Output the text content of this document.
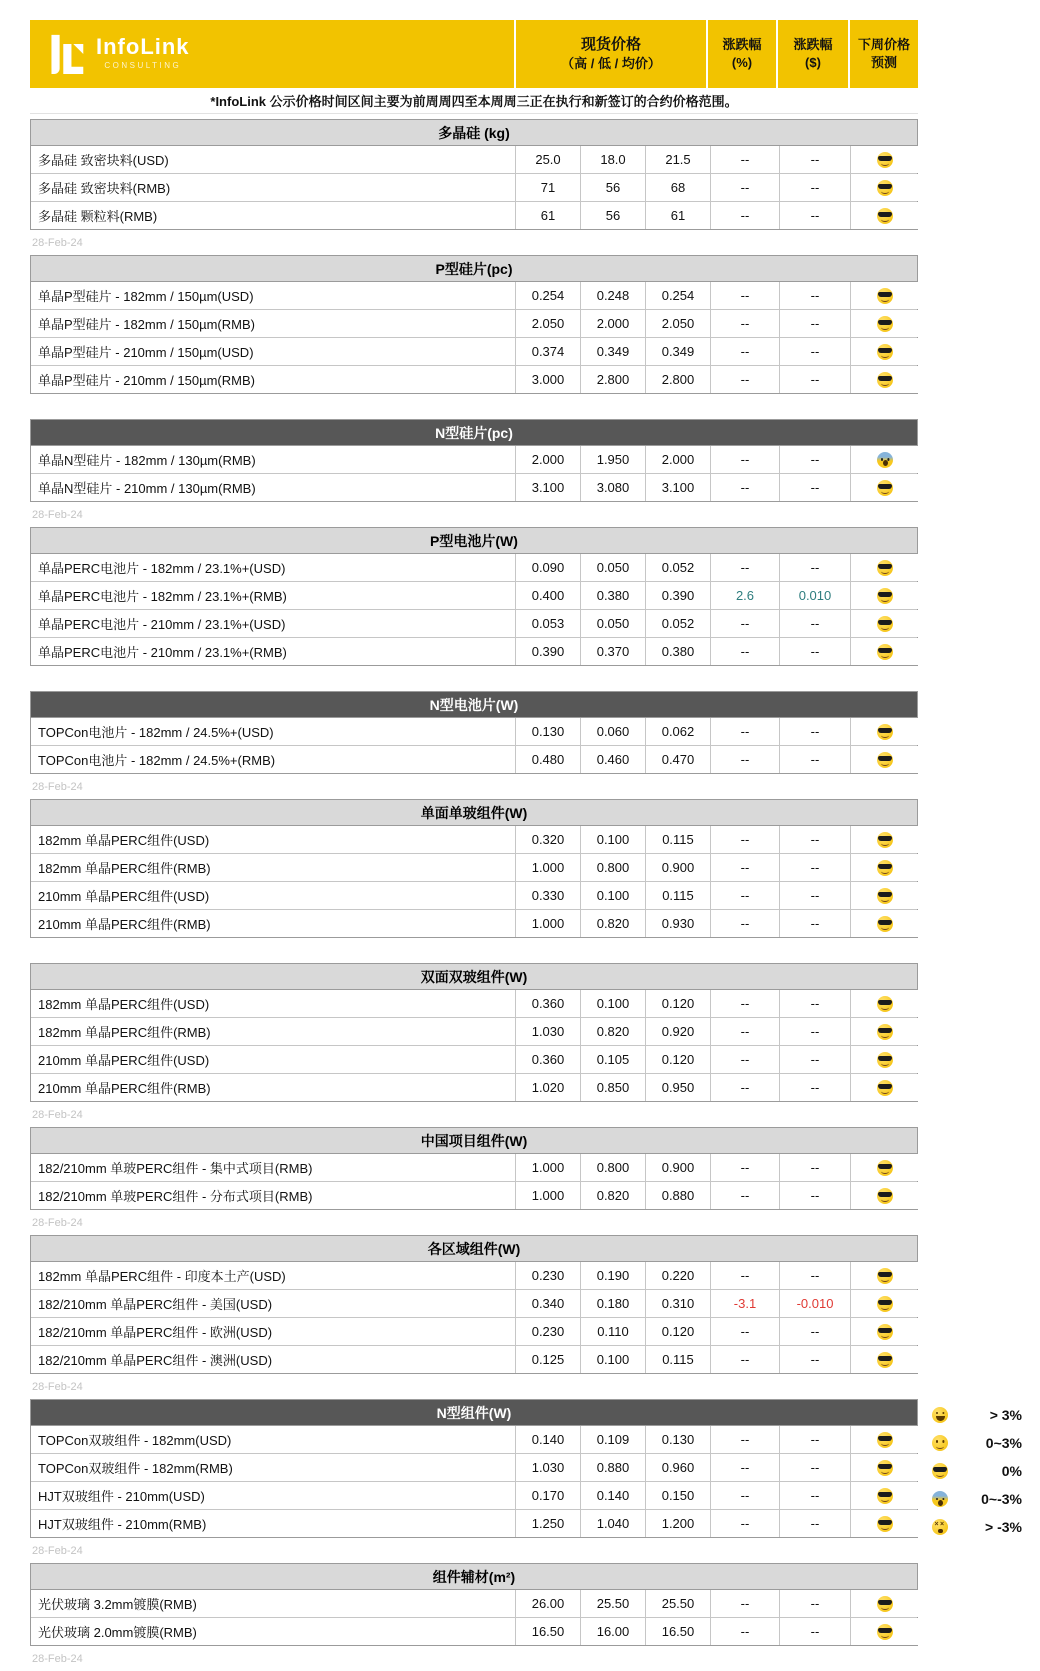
InfoLink
CONSULTING
现货价格
（高 / 低 / 均价）
涨跌幅
(%)
涨跌幅
($)
下周价格
预测
*InfoLink 公示价格时间区间主要为前周周四至本周周三正在执行和新签订的合约价格范围。
多晶硅 (kg)
多晶硅 致密块料(USD)	25.0	18.0	21.5	--	--
多晶硅 致密块料(RMB)	71	56	68	--	--
多晶硅 颗粒料(RMB)	61	56	61	--	--
28-Feb-24
P型硅片(pc)
单晶P型硅片 - 182mm / 150µm(USD)	0.254	0.248	0.254	--	--
单晶P型硅片 - 182mm / 150µm(RMB)	2.050	2.000	2.050	--	--
单晶P型硅片 - 210mm / 150µm(USD)	0.374	0.349	0.349	--	--
单晶P型硅片 - 210mm / 150µm(RMB)	3.000	2.800	2.800	--	--
N型硅片(pc)
单晶N型硅片 - 182mm / 130µm(RMB)	2.000	1.950	2.000	--	--
单晶N型硅片 - 210mm / 130µm(RMB)	3.100	3.080	3.100	--	--
28-Feb-24
P型电池片(W)
单晶PERC电池片 - 182mm / 23.1%+(USD)	0.090	0.050	0.052	--	--
单晶PERC电池片 - 182mm / 23.1%+(RMB)	0.400	0.380	0.390	2.6	0.010
单晶PERC电池片 - 210mm / 23.1%+(USD)	0.053	0.050	0.052	--	--
单晶PERC电池片 - 210mm / 23.1%+(RMB)	0.390	0.370	0.380	--	--
N型电池片(W)
TOPCon电池片 - 182mm / 24.5%+(USD)	0.130	0.060	0.062	--	--
TOPCon电池片 - 182mm / 24.5%+(RMB)	0.480	0.460	0.470	--	--
28-Feb-24
单面单玻组件(W)
182mm 单晶PERC组件(USD)	0.320	0.100	0.115	--	--
182mm 单晶PERC组件(RMB)	1.000	0.800	0.900	--	--
210mm 单晶PERC组件(USD)	0.330	0.100	0.115	--	--
210mm 单晶PERC组件(RMB)	1.000	0.820	0.930	--	--
双面双玻组件(W)
182mm 单晶PERC组件(USD)	0.360	0.100	0.120	--	--
182mm 单晶PERC组件(RMB)	1.030	0.820	0.920	--	--
210mm 单晶PERC组件(USD)	0.360	0.105	0.120	--	--
210mm 单晶PERC组件(RMB)	1.020	0.850	0.950	--	--
28-Feb-24
中国项目组件(W)
182/210mm 单玻PERC组件 - 集中式项目(RMB)	1.000	0.800	0.900	--	--
182/210mm 单玻PERC组件 - 分布式项目(RMB)	1.000	0.820	0.880	--	--
28-Feb-24
各区域组件(W)
182mm 单晶PERC组件 - 印度本土产(USD)	0.230	0.190	0.220	--	--
182/210mm 单晶PERC组件 - 美国(USD)	0.340	0.180	0.310	-3.1	-0.010
182/210mm 单晶PERC组件 - 欧洲(USD)	0.230	0.110	0.120	--	--
182/210mm 单晶PERC组件 - 澳洲(USD)	0.125	0.100	0.115	--	--
28-Feb-24
N型组件(W)
TOPCon双玻组件 - 182mm(USD)	0.140	0.109	0.130	--	--
TOPCon双玻组件 - 182mm(RMB)	1.030	0.880	0.960	--	--
HJT双玻组件 - 210mm(USD)	0.170	0.140	0.150	--	--
HJT双玻组件 - 210mm(RMB)	1.250	1.040	1.200	--	--
28-Feb-24
组件辅材(m²)
光伏玻璃 3.2mm镀膜(RMB)	26.00	25.50	25.50	--	--
光伏玻璃 2.0mm镀膜(RMB)	16.50	16.00	16.50	--	--
28-Feb-24
> 3%
0~3%
0%
0~-3%
××
> -3%
